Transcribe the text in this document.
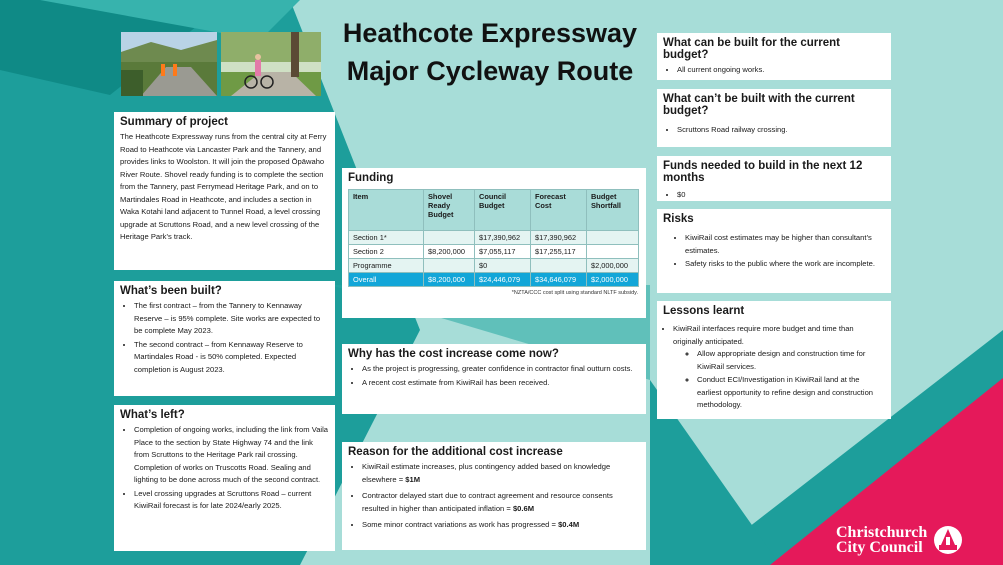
Heathcote Expressway
Major Cycleway Route
Summary of project

The Heathcote Expressway runs from the central city at Ferry Road to Heathcote via Lancaster Park and the Tannery, and provides links to Woolston. It will join the proposed Ōpāwaho River Route. Shovel ready funding is to complete the section from the Tannery, past Ferrymead Heritage Park, and on to Martindales Road in Heathcote, and includes a section in Waka Kotahi land adjacent to Tunnel Road, a level crossing upgrade at Scruttons Road, and a new level crossing of the Heritage Park’s track.

What’s been built?
• The first contract – from the Tannery to Kennaway Reserve – is 95% complete. Site works are expected to be complete May 2023.
• The second contract – from Kennaway Reserve to Martindales Road - is 50% completed. Expected completion is August 2023.
What’s left?
• Completion of ongoing works, including the link from Vaila Place to the section by State Highway 74 and the link from Scruttons to the Heritage Park rail crossing. Completion of works on Truscotts Road. Sealing and lighting to be done across much of the second contract.
• Level crossing upgrades at Scruttons Road – current KiwiRail forecast is for late 2024/early 2025.
Funding
Item	Shovel Ready Budget	Council Budget	Forecast Cost	Budget Shortfall
Section 1*		$17,390,962	$17,390,962	
Section 2	$8,200,000	$7,055,117	$17,255,117	
Programme		$0		$2,000,000
Overall	$8,200,000	$24,446,079	$34,646,079	$2,000,000
*NZTA/CCC cost split using standard NLTF subsidy.
Why has the cost increase come now?
• As the project is progressing, greater confidence in contractor final outturn costs.
• A recent cost estimate from KiwiRail has been received.
Reason for the additional cost increase
• KiwiRail estimate increases, plus contingency added based on knowledge elsewhere = $1M
• Contractor delayed start due to contract agreement and resource consents resulted in higher than anticipated inflation = $0.6M
• Some minor contract variations as work has progressed = $0.4M
What can be built for the current budget?
• All current ongoing works.
What can’t be built with the current budget?
• Scruttons Road railway crossing.
Funds needed to build in the next 12 months
• $0
Risks
• KiwiRail cost estimates may be higher than consultant’s estimates.
• Safety risks to the public where the work are incomplete.
Lessons learnt
• KiwiRail interfaces require more budget and time than originally anticipated.
◦ Allow appropriate design and construction time for KiwiRail services.
◦ Conduct ECI/Investigation in KiwiRail land at the earliest opportunity to refine design and construction methodology.
Christchurch
City Council
